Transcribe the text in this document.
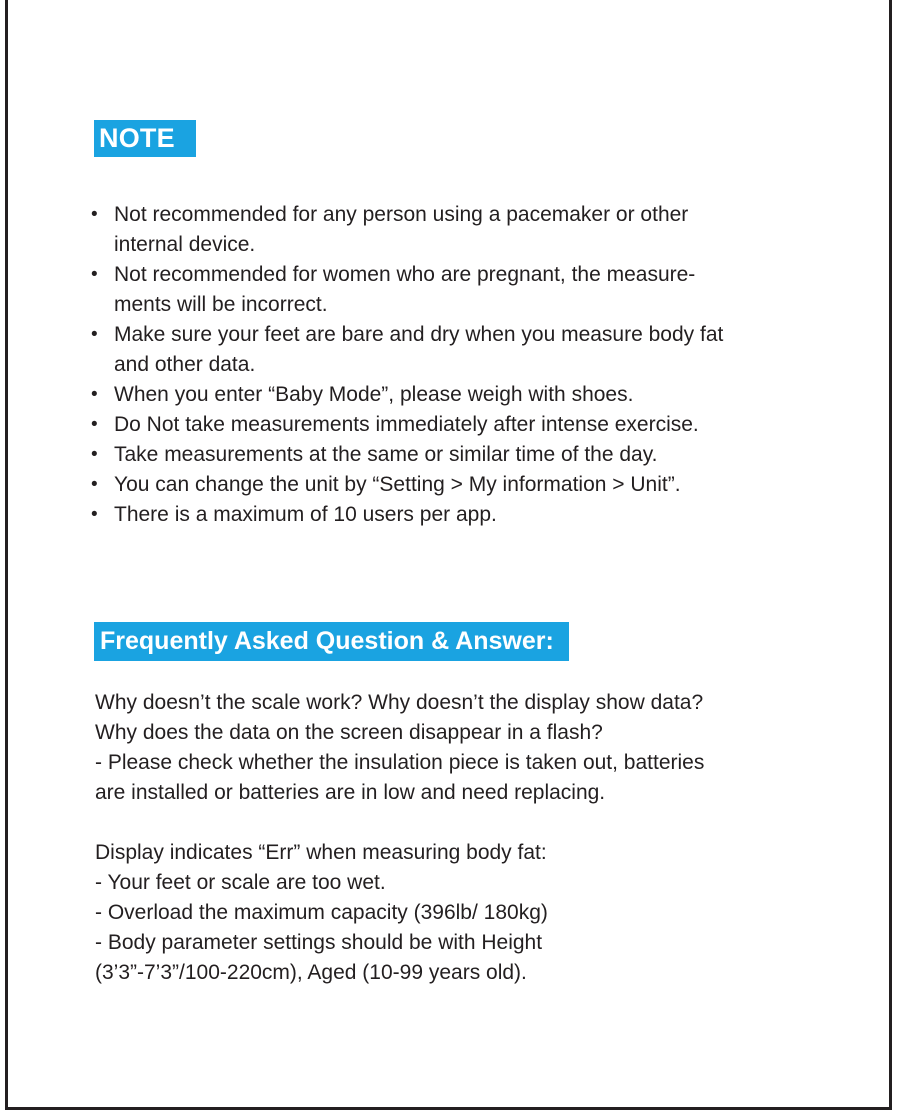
NOTE
• Not recommended for any person using a pacemaker or other
internal device.
• Not recommended for women who are pregnant, the measure-
ments will be incorrect.
• Make sure your feet are bare and dry when you measure body fat
and other data.
• When you enter “Baby Mode”, please weigh with shoes.
• Do Not take measurements immediately after intense exercise.
• Take measurements at the same or similar time of the day.
• You can change the unit by “Setting > My information > Unit”.
• There is a maximum of 10 users per app.
Frequently Asked Question & Answer:

Why doesn’t the scale work? Why doesn’t the display show data?

Why does the data on the screen disappear in a flash?

- Please check whether the insulation piece is taken out, batteries

are installed or batteries are in low and need replacing.

Display indicates “Err” when measuring body fat:

- Your feet or scale are too wet.

- Overload the maximum capacity (396lb/ 180kg)

- Body parameter settings should be with Height

(3’3”-7’3”/100-220cm), Aged (10-99 years old).
